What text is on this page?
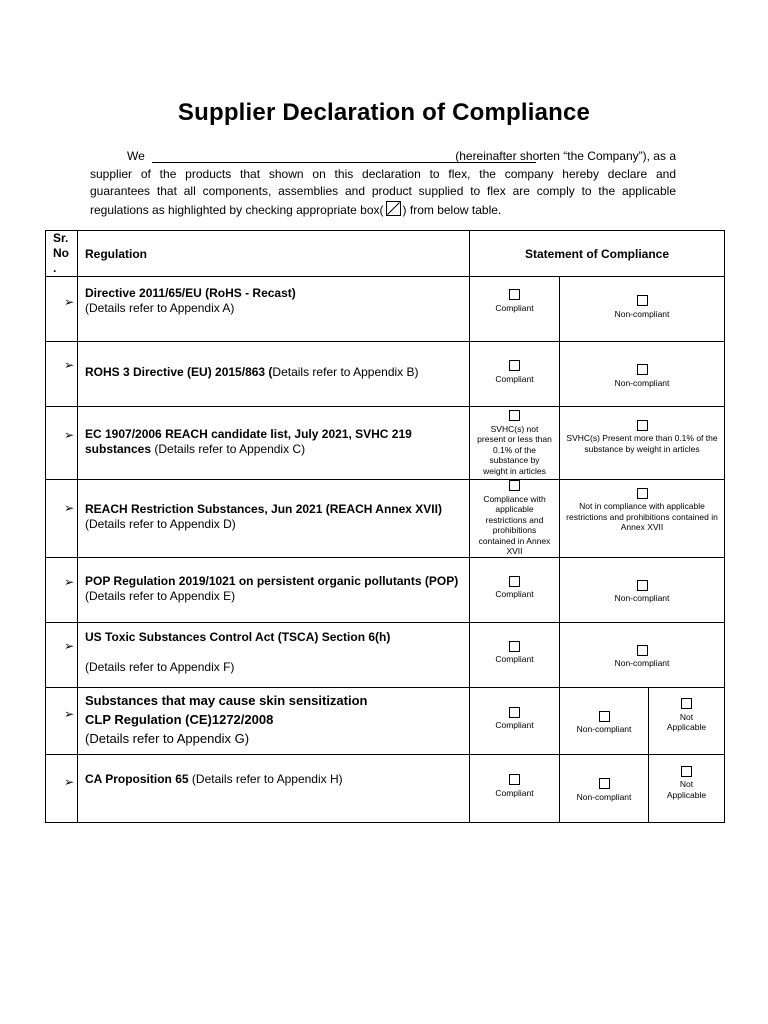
Supplier Declaration of Compliance
We	(hereinafter shorten “the Company”), as a
supplier of the products that shown on this declaration to flex, the company hereby declare and
guarantees that all components, assemblies and product supplied to flex are comply to the applicable
regulations as highlighted by checking appropriate box( ) from below table.
Sr.
No
.	Regulation	Statement of Compliance		

➢	Directive 2011/65/EU (RoHS - Recast)
(Details refer to Appendix A)	Compliant	Non-compliant	

➢	ROHS 3 Directive (EU) 2015/863 (Details refer to Appendix B)	Compliant	Non-compliant	

➢	EC 1907/2006 REACH candidate list, July 2021, SVHC 219 substances (Details refer to Appendix C)	SVHC(s) not present or less than 0.1% of the substance by weight in articles	SVHC(s) Present more than 0.1% of the substance by weight in articles	

➢	REACH Restriction Substances, Jun 2021 (REACH Annex XVII)
(Details refer to Appendix D)	Compliance with applicable restrictions and prohibitions contained in Annex XVII	Not in compliance with applicable restrictions and prohibitions contained in Annex XVII	

➢	POP Regulation 2019/1021 on persistent organic pollutants (POP)
(Details refer to Appendix E)	Compliant	Non-compliant	

➢	US Toxic Substances Control Act (TSCA) Section 6(h)

(Details refer to Appendix F)	Compliant	Non-compliant	

➢	Substances that may cause skin sensitization
CLP Regulation (CE)1272/2008
(Details refer to Appendix G)	Compliant	Non-compliant	Not Applicable

➢	CA Proposition 65 (Details refer to Appendix H)	Compliant	Non-compliant	Not Applicable
